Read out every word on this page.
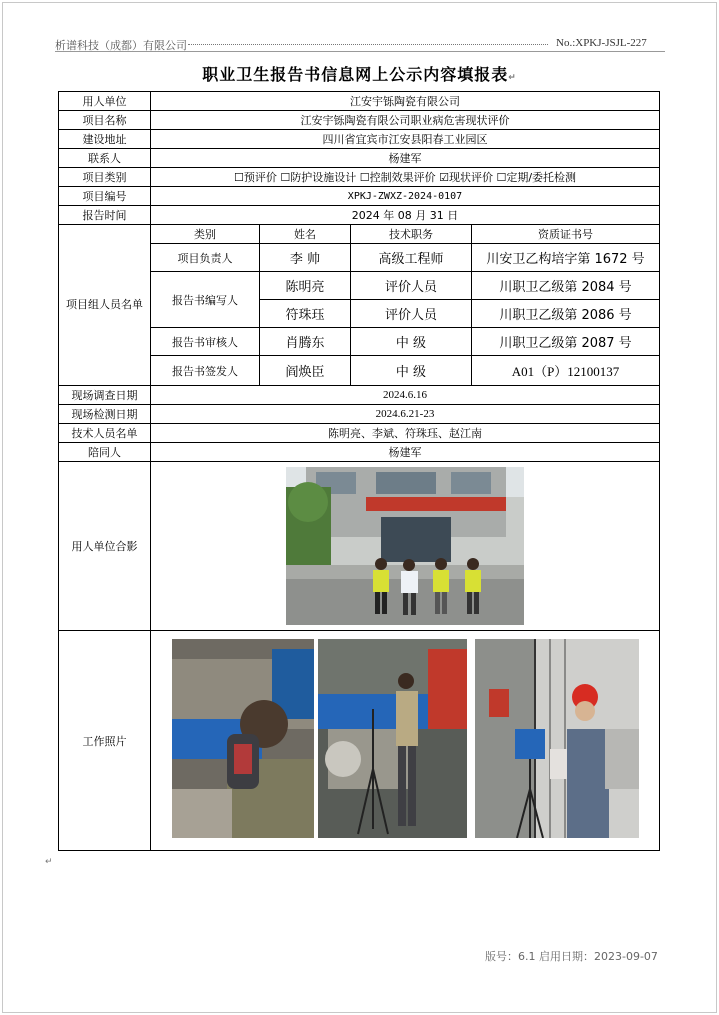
析谱科技（成都）有限公司	No.:XPKJ-JSJL-227
职业卫生报告书信息网上公示内容填报表↵
用人单位	江安宇铄陶瓷有限公司			
项目名称	江安宇铄陶瓷有限公司职业病危害现状评价			
建设地址	四川省宜宾市江安县阳春工业园区			
联系人	杨建军			
项目类别	☐预评价 ☐防护设施设计 ☐控制效果评价 ☑现状评价 ☐定期/委托检测			
项目编号	XPKJ-ZWXZ-2024-0107			
报告时间	2024 年 08 月 31 日			
项目组人员名单	类别	姓名	技术职务	资质证书号
	项目负责人	李 帅	高级工程师	川安卫乙构培字第 1672 号
	报告书编写人	陈明亮	评价人员	川职卫乙级第 2084 号
		符珠珏	评价人员	川职卫乙级第 2086 号
	报告书审核人	肖腾东	中 级	川职卫乙级第 2087 号
	报告书签发人	阎焕臣	中 级	A01（P）12100137
现场调查日期	2024.6.16			
现场检测日期	2024.6.21-23			
技术人员名单	陈明亮、李斌、符珠珏、赵江南			
陪同人	杨建军			
用人单位合影	

工作照片	
↵
版号：6.1 启用日期：2023-09-07
